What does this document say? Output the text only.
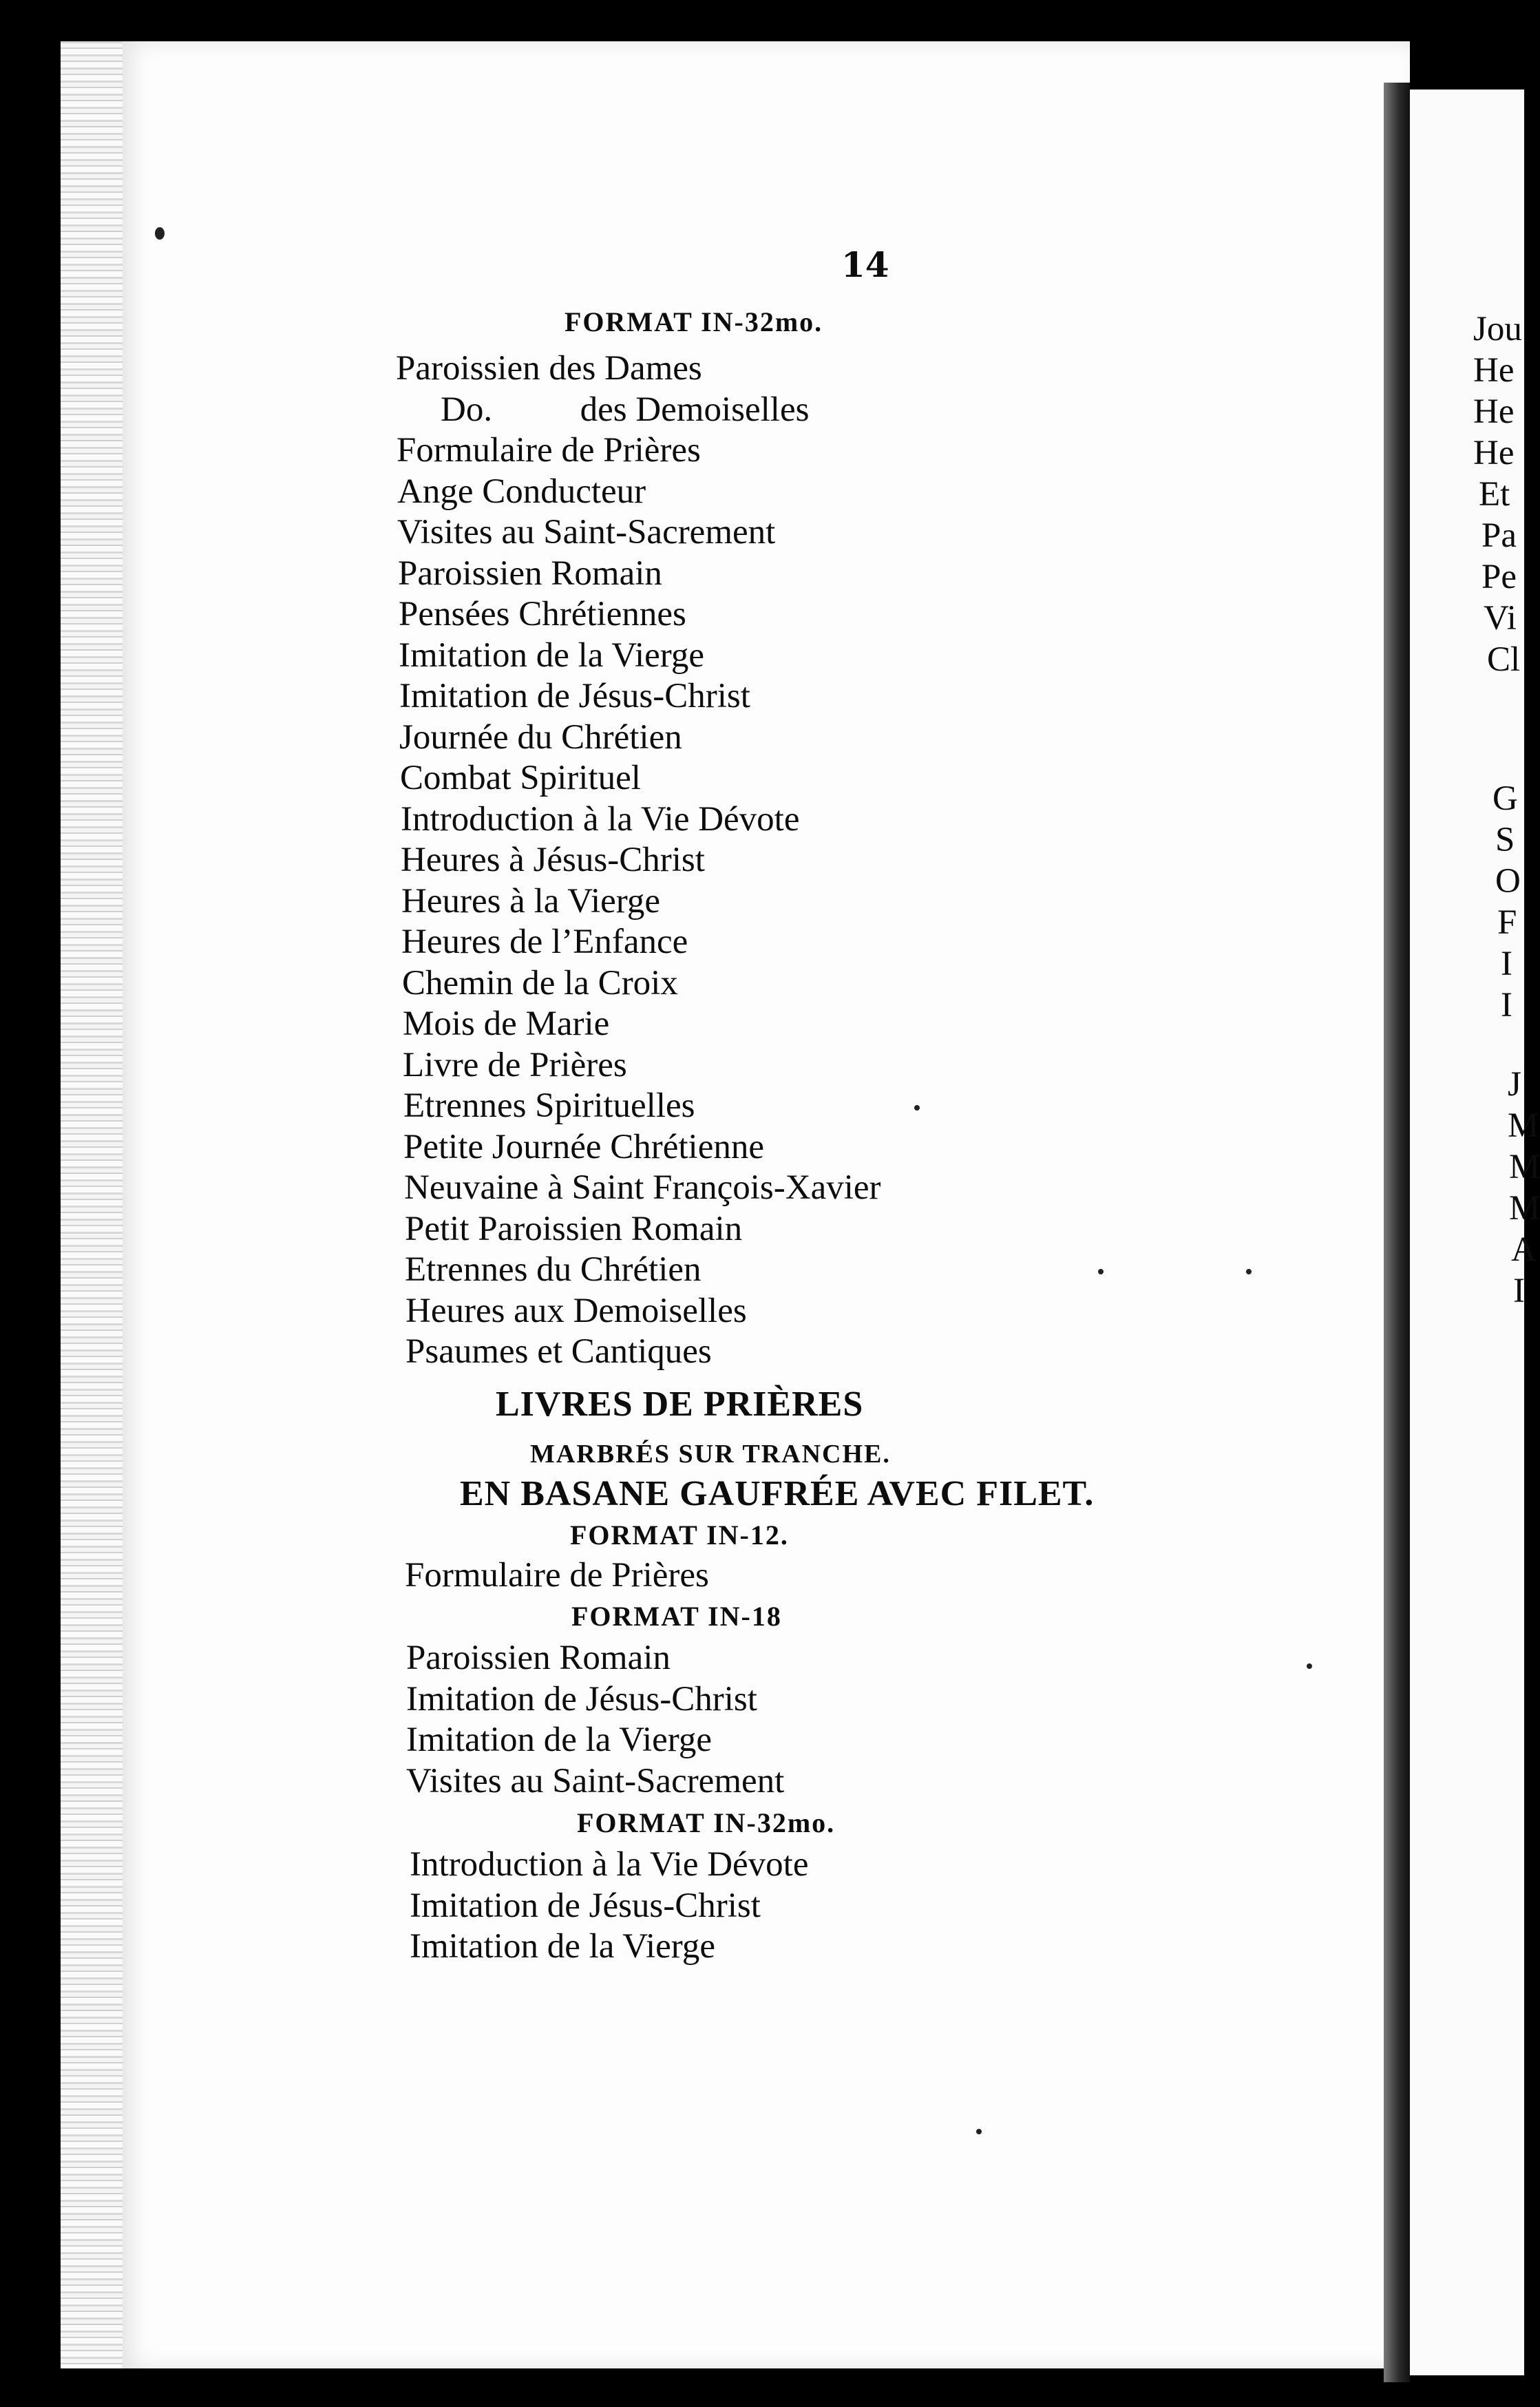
14
FORMAT IN-32mo.
Paroissien des Dames
Do.          des Demoiselles
Formulaire de Prières
Ange Conducteur
Visites au Saint-Sacrement
Paroissien Romain
Pensées Chrétiennes
Imitation de la Vierge
Imitation de Jésus-Christ
Journée du Chrétien
Combat Spirituel
Introduction à la Vie Dévote
Heures à Jésus-Christ
Heures à la Vierge
Heures de l’Enfance
Chemin de la Croix
Mois de Marie
Livre de Prières
Etrennes Spirituelles
Petite Journée Chrétienne
Neuvaine à Saint François-Xavier
Petit Paroissien Romain
Etrennes du Chrétien
Heures aux Demoiselles
Psaumes et Cantiques
LIVRES DE PRIÈRES
MARBRÉS SUR TRANCHE.
EN BASANE GAUFRÉE AVEC FILET.
FORMAT IN-12.
Formulaire de Prières
FORMAT IN-18
Paroissien Romain
Imitation de Jésus-Christ
Imitation de la Vierge
Visites au Saint-Sacrement
FORMAT IN-32mo.
Introduction à la Vie Dévote
Imitation de Jésus-Christ
Imitation de la Vierge
Jou
He
He
He
Et
Pa
Pe
Vi
Cl
G
S
O
F
I
I
J
M
M
M
A
I
